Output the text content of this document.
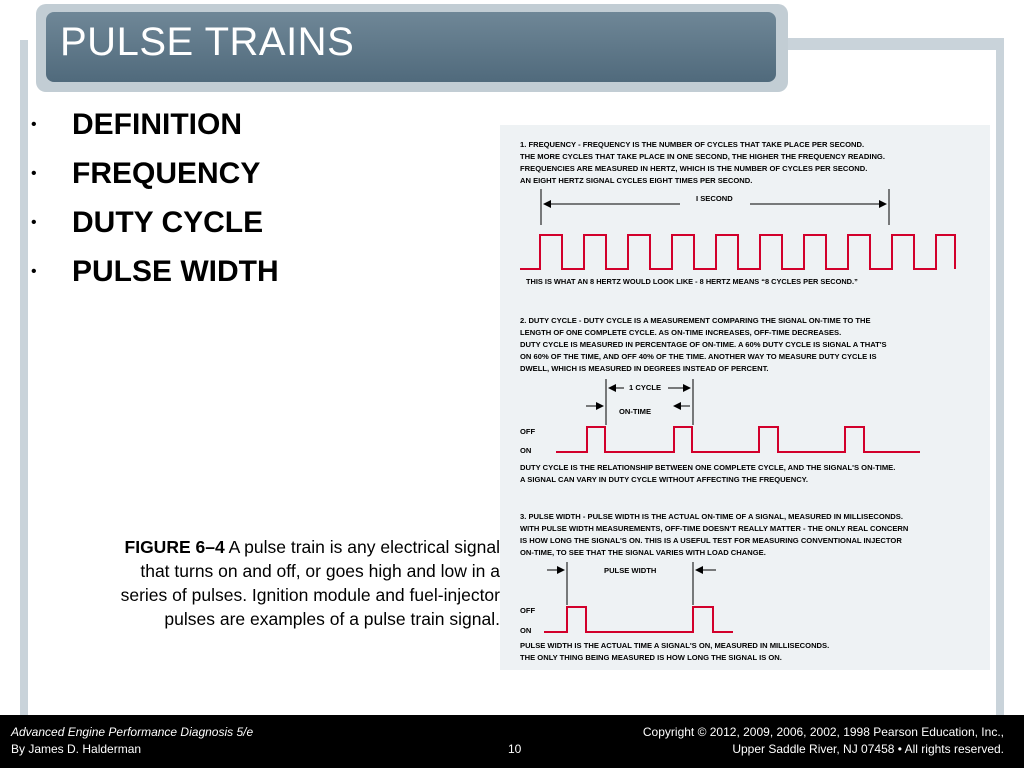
PULSE TRAINS
• DEFINITION
• FREQUENCY
• DUTY CYCLE
• PULSE WIDTH
FIGURE 6–4 A pulse train is any electrical signal that turns on and off, or goes high and low in a series of pulses. Ignition module and fuel-injector pulses are examples of a pulse train signal.
1. FREQUENCY - FREQUENCY IS THE NUMBER OF CYCLES THAT TAKE PLACE PER SECOND.
THE MORE CYCLES THAT TAKE PLACE IN ONE SECOND, THE HIGHER THE FREQUENCY READING.
FREQUENCIES ARE MEASURED IN HERTZ, WHICH IS THE NUMBER OF CYCLES PER SECOND.
AN EIGHT HERTZ SIGNAL CYCLES EIGHT TIMES PER SECOND.
I SECOND
THIS IS WHAT AN 8 HERTZ WOULD LOOK LIKE - 8 HERTZ MEANS “8 CYCLES PER SECOND.”
2. DUTY CYCLE - DUTY CYCLE IS A MEASUREMENT COMPARING THE SIGNAL ON-TIME TO THE
LENGTH OF ONE COMPLETE CYCLE. AS ON-TIME INCREASES, OFF-TIME DECREASES.
DUTY CYCLE IS MEASURED IN PERCENTAGE OF ON-TIME. A 60% DUTY CYCLE IS SIGNAL A THAT'S
ON 60% OF THE TIME, AND OFF 40% OF THE TIME. ANOTHER WAY TO MEASURE DUTY CYCLE IS
DWELL, WHICH IS MEASURED IN DEGREES INSTEAD OF PERCENT.
1 CYCLE
ON-TIME
OFF
ON
DUTY CYCLE IS THE RELATIONSHIP BETWEEN ONE COMPLETE CYCLE, AND THE SIGNAL'S ON-TIME.
A SIGNAL CAN VARY IN DUTY CYCLE WITHOUT AFFECTING THE FREQUENCY.
3. PULSE WIDTH - PULSE WIDTH IS THE ACTUAL ON-TIME OF A SIGNAL, MEASURED IN MILLISECONDS.
WITH PULSE WIDTH MEASUREMENTS, OFF-TIME DOESN'T REALLY MATTER - THE ONLY REAL CONCERN
IS HOW LONG THE SIGNAL'S ON. THIS IS A USEFUL TEST FOR MEASURING CONVENTIONAL INJECTOR
ON-TIME, TO SEE THAT THE SIGNAL VARIES WITH LOAD CHANGE.
PULSE WIDTH
OFF
ON
PULSE WIDTH IS THE ACTUAL TIME A SIGNAL'S ON, MEASURED IN MILLISECONDS.
THE ONLY THING BEING MEASURED IS HOW LONG THE SIGNAL IS ON.
Advanced Engine Performance Diagnosis 5/e
By James D. Halderman	10
Copyright © 2012, 2009, 2006, 2002, 1998 Pearson Education, Inc.,
Upper Saddle River, NJ 07458 • All rights reserved.
